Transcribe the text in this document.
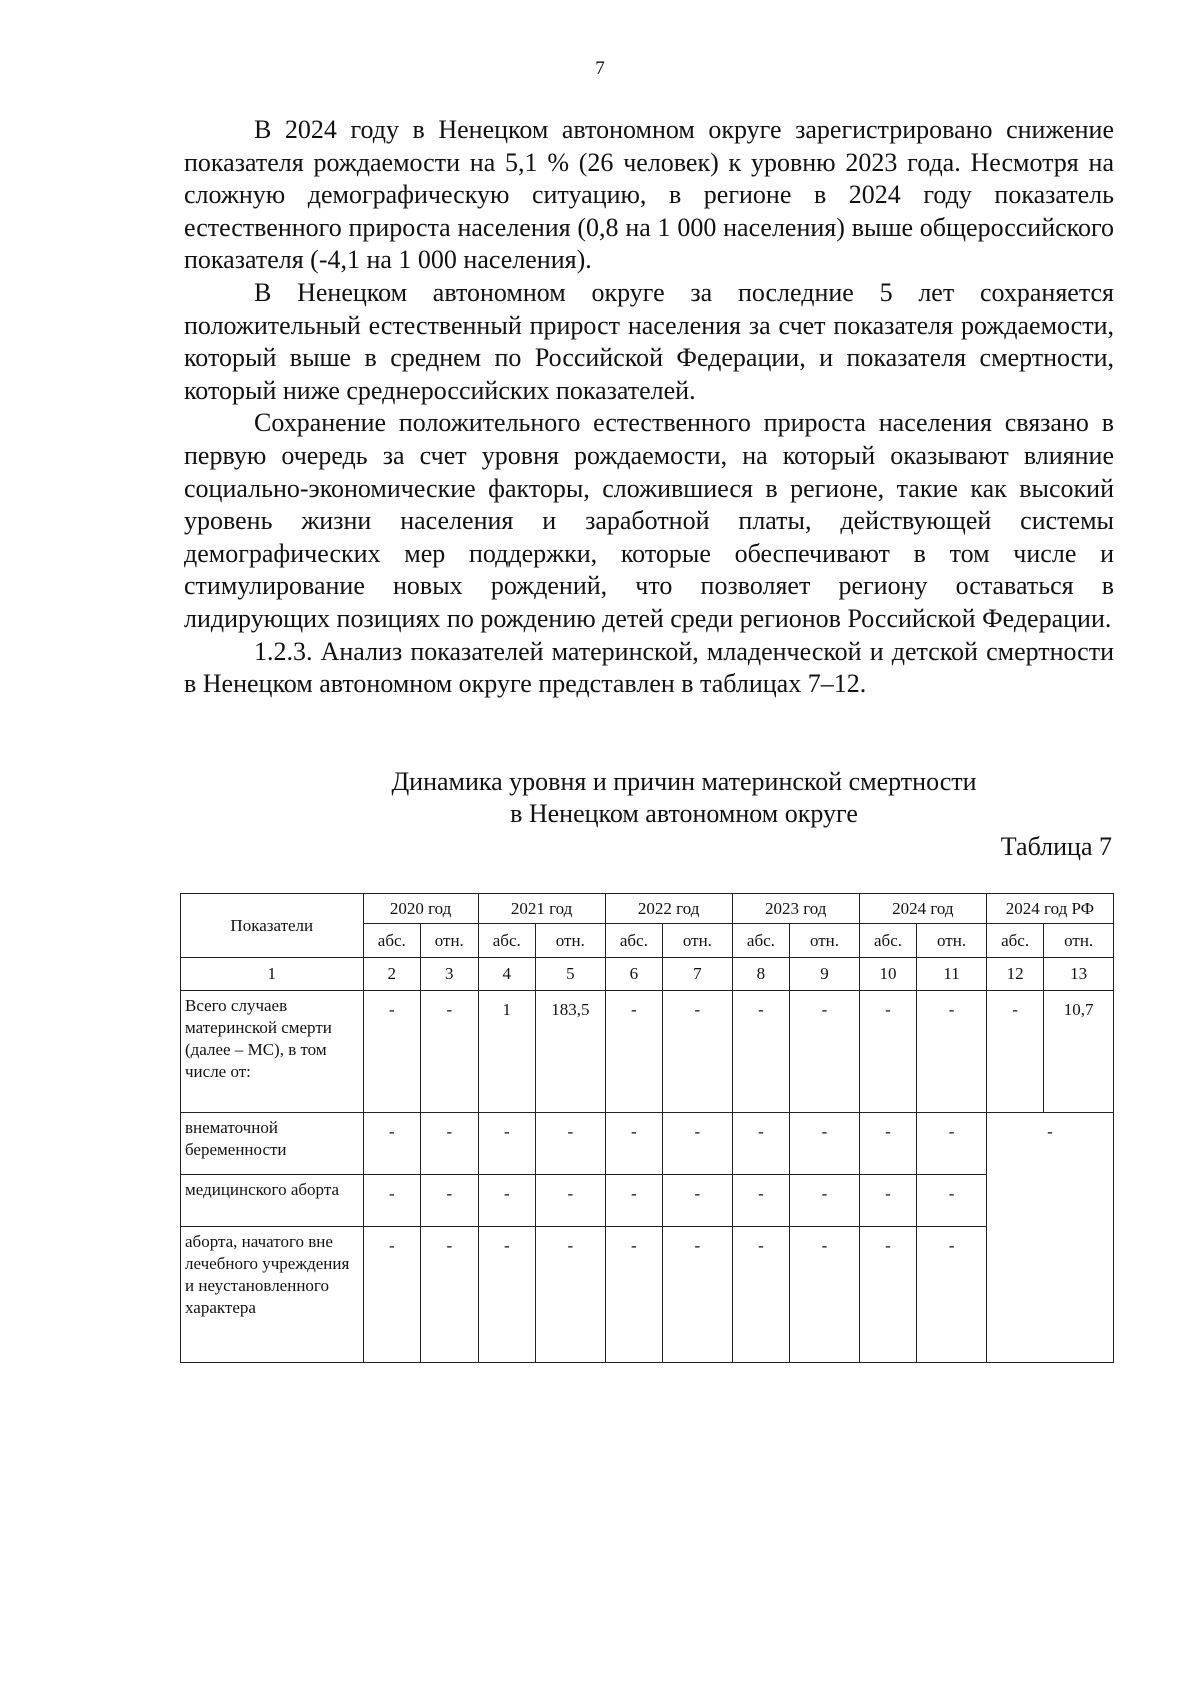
7

В 2024 году в Ненецком автономном округе зарегистрировано снижение показателя рождаемости на 5,1 % (26 человек) к уровню 2023 года. Несмотря на сложную демографическую ситуацию, в регионе в 2024 году показатель естественного прироста населения (0,8 на 1 000 населения) выше общероссийского показателя (-4,1 на 1 000 населения).

В Ненецком автономном округе за последние 5 лет сохраняется положительный естественный прирост населения за счет показателя рождаемости, который выше в среднем по Российской Федерации, и показателя смертности, который ниже среднероссийских показателей.

Сохранение положительного естественного прироста населения связано в первую очередь за счет уровня рождаемости, на который оказывают влияние социально-экономические факторы, сложившиеся в регионе, такие как высокий уровень жизни населения и заработной платы, действующей системы демографических мер поддержки, которые обеспечивают в том числе и стимулирование новых рождений, что позволяет региону оставаться в лидирующих позициях по рождению детей среди регионов Российской Федерации.

1.2.3. Анализ показателей материнской, младенческой и детской смертности в Ненецком автономном округе представлен в таблицах 7–12.

Динамика уровня и причин материнской смертности
в Ненецком автономном округе
Таблица 7
Показатели	2020 год		2021 год		2022 год		2023 год		2024 год		2024 год РФ	
	абс.	отн.	абс.	отн.	абс.	отн.	абс.	отн.	абс.	отн.	абс.	отн.
1	2	3	4	5	6	7	8	9	10	11	12	13
Всего случаев материнской смерти (далее – МС), в том числе от:	-	-	1	183,5	-	-	-	-	-	-	-	10,7
внематочной беременности	-	-	-	-	-	-	-	-	-	-	-	
медицинского аборта	-	-	-	-	-	-	-	-	-	-		
аборта, начатого вне лечебного учреждения и неустановленного характера	-	-	-	-	-	-	-	-	-	-		
